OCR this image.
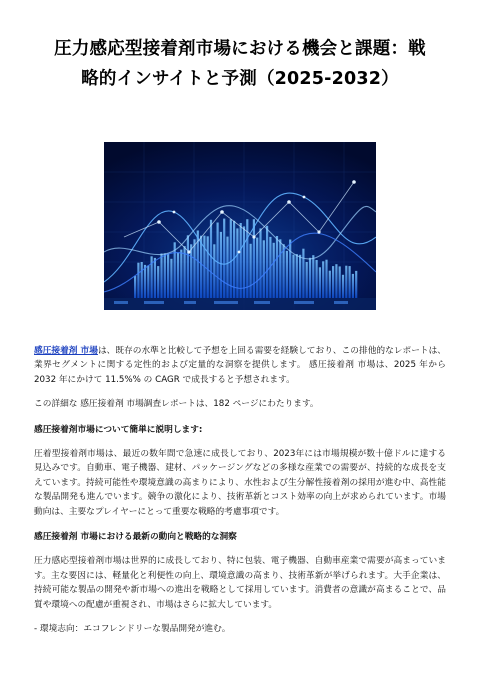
圧力感応型接着剤市場における機会と課題：戦
略的インサイトと予測（2025-2032）

感圧接着剤 市場は、既存の水準と比較して予想を上回る需要を経験しており、この排他的なレポートは、業界セグメントに関する定性的および定量的な洞察を提供します。 感圧接着剤 市場は、2025 年から 2032 年にかけて 11.5%% の CAGR で成長すると予想されます。

この詳細な 感圧接着剤 市場調査レポートは、182 ページにわたります。

感圧接着剤市場について簡単に説明します:

圧着型接着剤市場は、最近の数年間で急速に成長しており、2023年には市場規模が数十億ドルに達する見込みです。自動車、電子機器、建材、パッケージングなどの多様な産業での需要が、持続的な成長を支えています。持続可能性や環境意識の高まりにより、水性および生分解性接着剤の採用が進む中、高性能な製品開発も進んでいます。競争の激化により、技術革新とコスト効率の向上が求められています。市場動向は、主要なプレイヤーにとって重要な戦略的考慮事項です。

感圧接着剤 市場における最新の動向と戦略的な洞察

圧力感応型接着剤市場は世界的に成長しており、特に包装、電子機器、自動車産業で需要が高まっています。主な要因には、軽量化と利便性の向上、環境意識の高まり、技術革新が挙げられます。大手企業は、持続可能な製品の開発や新市場への進出を戦略として採用しています。消費者の意識が高まることで、品質や環境への配慮が重視され、市場はさらに拡大しています。

- 環境志向：エコフレンドリーな製品開発が進む。
